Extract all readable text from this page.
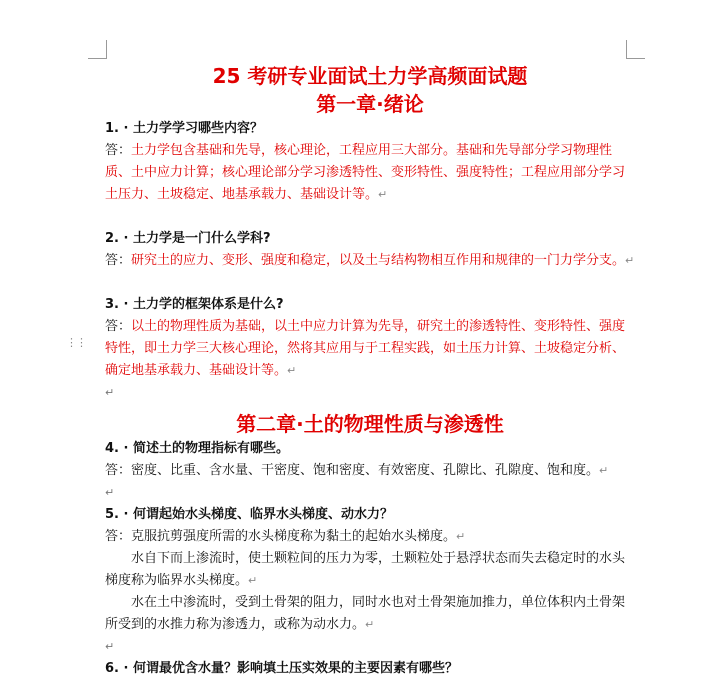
⋮⋮
25 考研专业面试土力学高频面试题
第一章·绪论

1. · 土力学学习哪些内容？

答：土力学包含基础和先导，核心理论，工程应用三大部分。基础和先导部分学习物理性质、土中应力计算；核心理论部分学习渗透特性、变形特性、强度特性；工程应用部分学习土压力、土坡稳定、地基承载力、基础设计等。↵

2. · 土力学是一门什么学科?

答：研究土的应力、变形、强度和稳定，以及土与结构物相互作用和规律的一门力学分支。↵

3. · 土力学的框架体系是什么?

答：以土的物理性质为基础，以土中应力计算为先导，研究土的渗透特性、变形特性、强度特性，即土力学三大核心理论，然将其应用与于工程实践，如土压力计算、土坡稳定分析、确定地基承载力、基础设计等。↵

↵
第二章·土的物理性质与渗透性

4. · 简述土的物理指标有哪些。

答：密度、比重、含水量、干密度、饱和密度、有效密度、孔隙比、孔隙度、饱和度。↵

↵

5. · 何谓起始水头梯度、临界水头梯度、动水力？

答：克服抗剪强度所需的水头梯度称为黏土的起始水头梯度。↵

水自下而上渗流时，使土颗粒间的压力为零，土颗粒处于悬浮状态而失去稳定时的水头梯度称为临界水头梯度。↵

水在土中渗流时，受到土骨架的阻力，同时水也对土骨架施加推力，单位体积内土骨架所受到的水推力称为渗透力，或称为动水力。↵

↵

6. · 何谓最优含水量？影响填土压实效果的主要因素有哪些？
